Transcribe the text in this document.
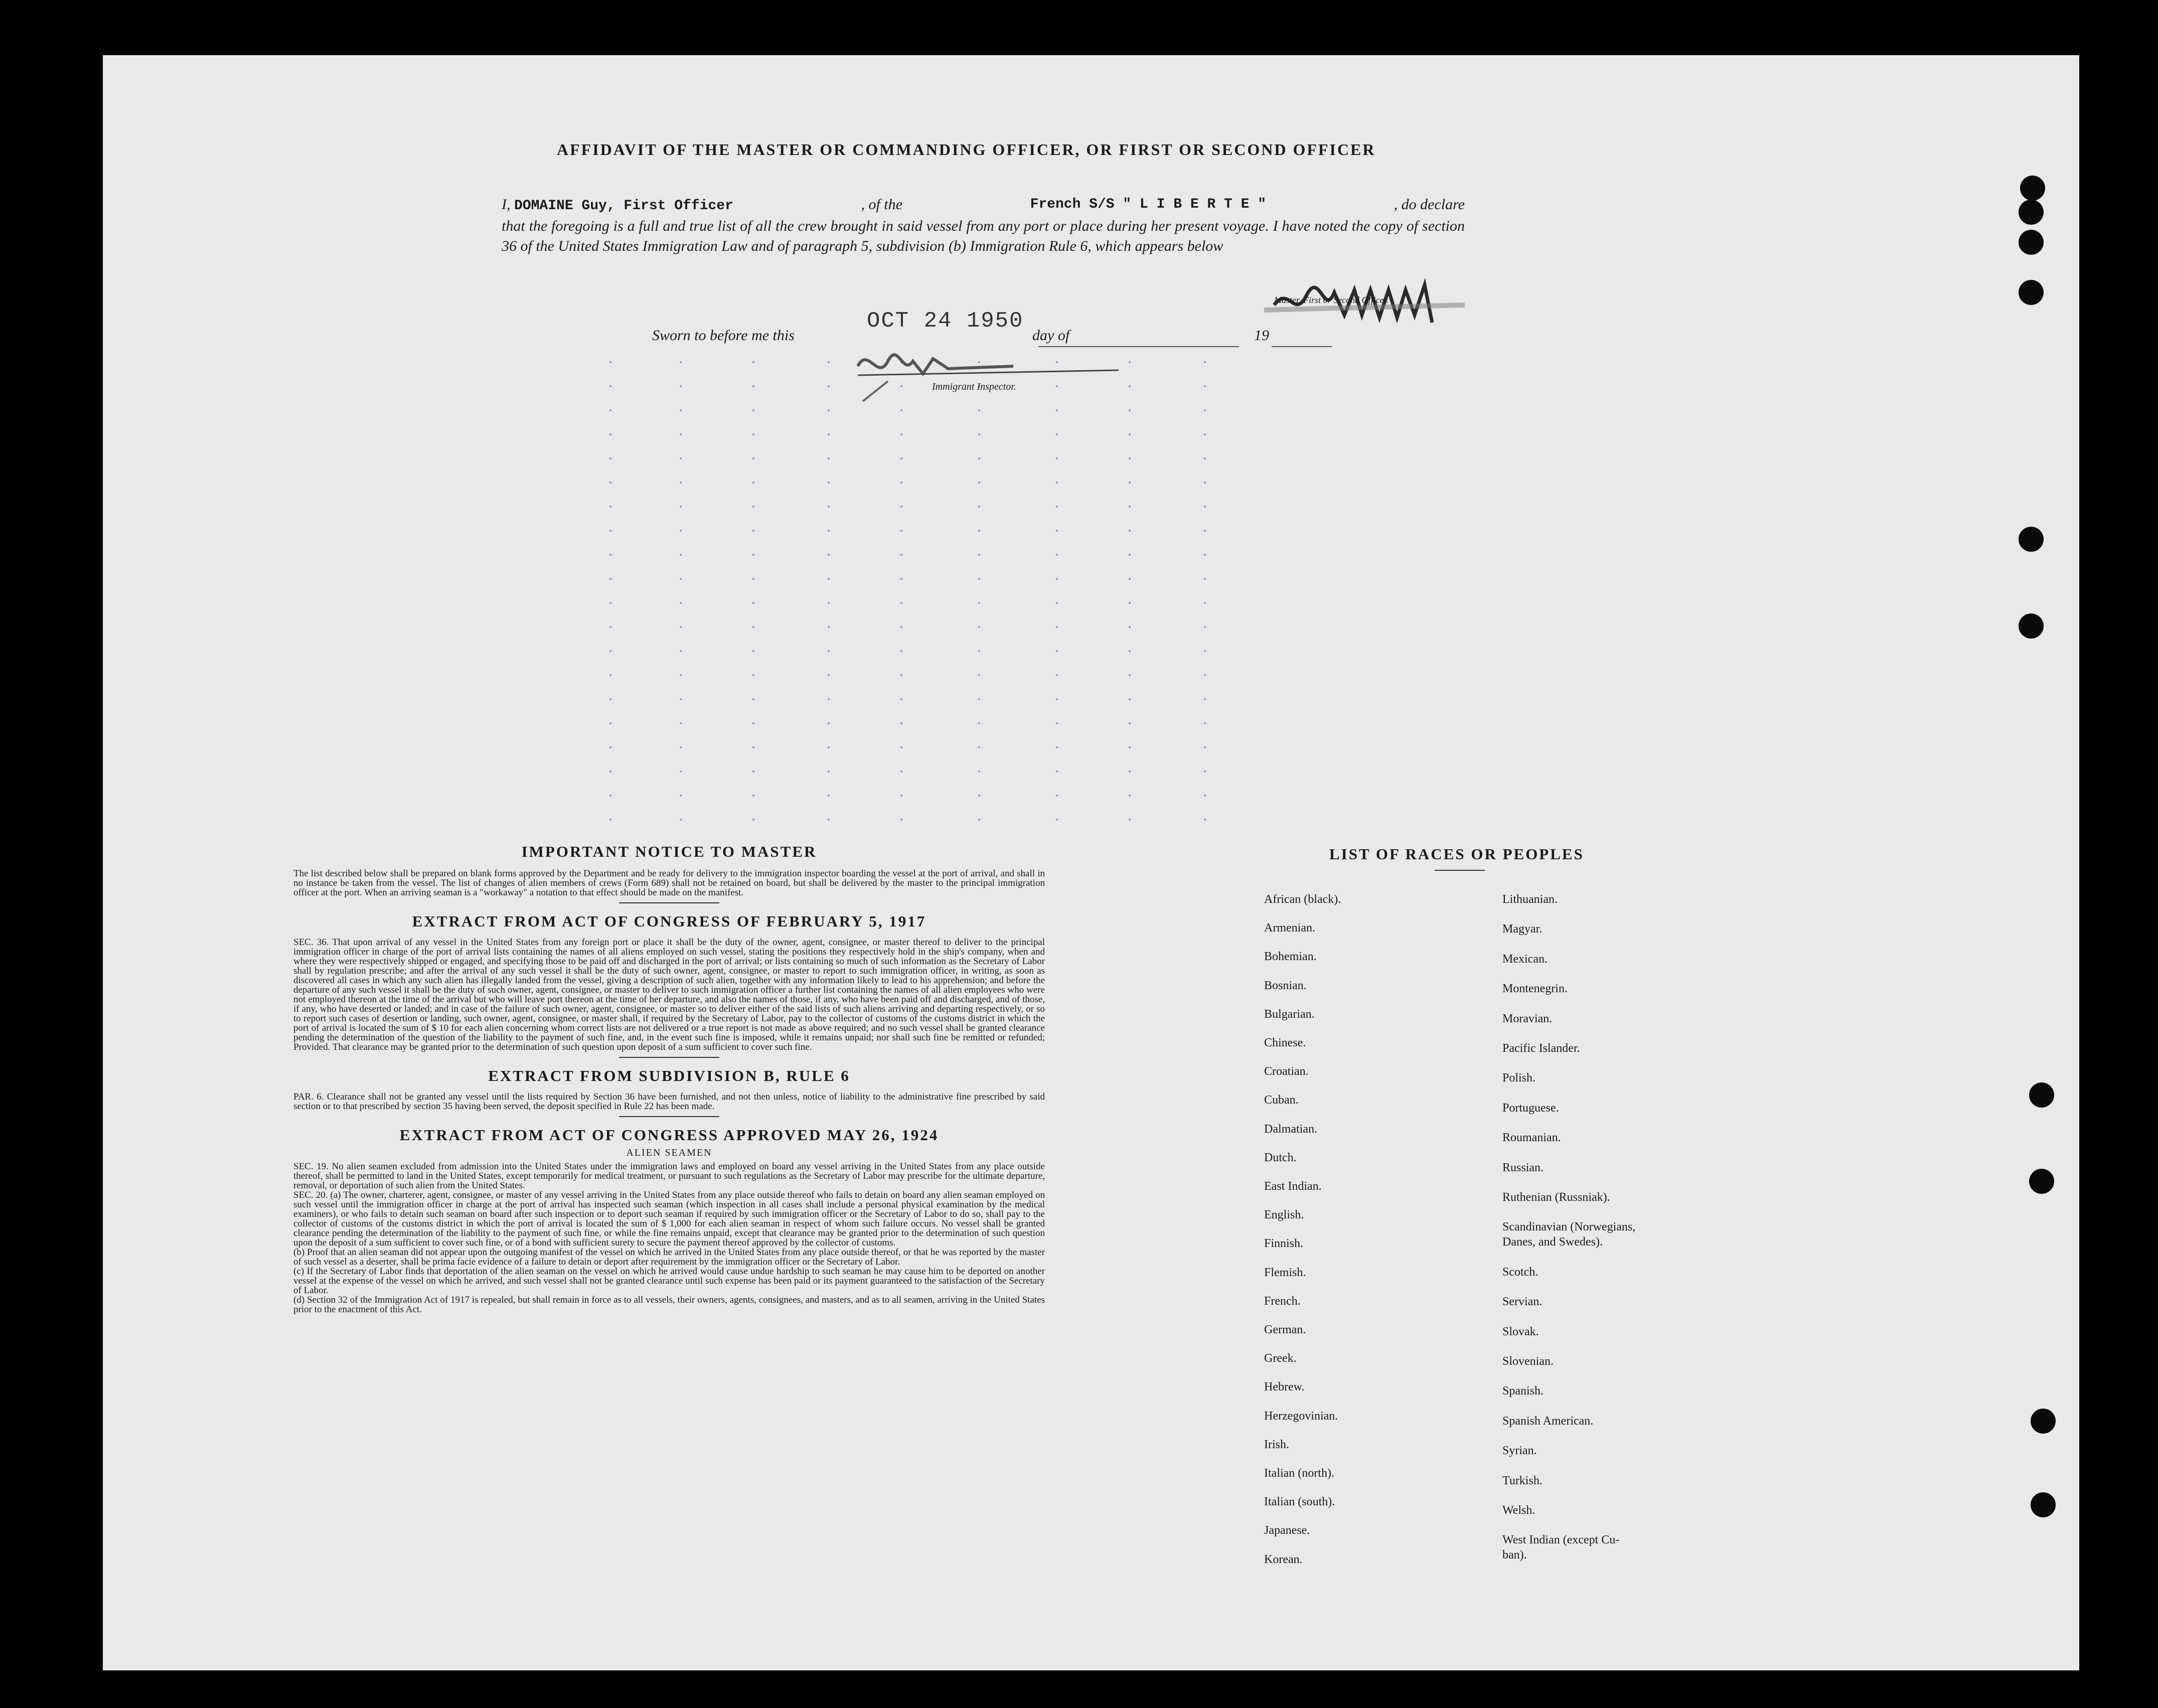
AFFIDAVIT OF THE MASTER OR COMMANDING OFFICER, OR FIRST OR SECOND OFFICER
I, DOMAINE Guy, First Officer	, of the	French S/S " L I B E R T E "	, do declare
that the foregoing is a full and true list of all the crew brought in said vessel from any port or place during her present voyage. I have noted the copy of section 36 of the United States Immigration Law and of paragraph 5, subdivision (b) Immigration Rule 6, which appears below
Master, First or Second Officer.
Sworn to before me this
OCT 24 1950
day of	19
Immigrant Inspector.
IMPORTANT NOTICE TO MASTER

The list described below shall be prepared on blank forms approved by the Department and be ready for delivery to the immigration inspector boarding the vessel at the port of arrival, and shall in no instance be taken from the vessel. The list of changes of alien members of crews (Form 689) shall not be retained on board, but shall be delivered by the master to the principal immigration officer at the port. When an arriving seaman is a "workaway" a notation to that effect should be made on the manifest.

EXTRACT FROM ACT OF CONGRESS OF FEBRUARY 5, 1917

SEC. 36. That upon arrival of any vessel in the United States from any foreign port or place it shall be the duty of the owner, agent, consignee, or master thereof to deliver to the principal immigration officer in charge of the port of arrival lists containing the names of all aliens employed on such vessel, stating the positions they respectively hold in the ship's company, when and where they were respectively shipped or engaged, and specifying those to be paid off and discharged in the port of arrival; or lists containing so much of such information as the Secretary of Labor shall by regulation prescribe; and after the arrival of any such vessel it shall be the duty of such owner, agent, consignee, or master to report to such immigration officer, in writing, as soon as discovered all cases in which any such alien has illegally landed from the vessel, giving a description of such alien, together with any information likely to lead to his apprehension; and before the departure of any such vessel it shall be the duty of such owner, agent, consignee, or master to deliver to such immigration officer a further list containing the names of all alien employees who were not employed thereon at the time of the arrival but who will leave port thereon at the time of her departure, and also the names of those, if any, who have been paid off and discharged, and of those, if any, who have deserted or landed; and in case of the failure of such owner, agent, consignee, or master so to deliver either of the said lists of such aliens arriving and departing respectively, or so to report such cases of desertion or landing, such owner, agent, consignee, or master shall, if required by the Secretary of Labor, pay to the collector of customs of the customs district in which the port of arrival is located the sum of $ 10 for each alien concerning whom correct lists are not delivered or a true report is not made as above required; and no such vessel shall be granted clearance pending the determination of the question of the liability to the payment of such fine, and, in the event such fine is imposed, while it remains unpaid; nor shall such fine be remitted or refunded; Provided. That clearance may be granted prior to the determination of such question upon deposit of a sum sufficient to cover such fine.

EXTRACT FROM SUBDIVISION B, RULE 6

PAR. 6. Clearance shall not be granted any vessel until the lists required by Section 36 have been furnished, and not then unless, notice of liability to the administrative fine prescribed by said section or to that prescribed by section 35 having been served, the deposit specified in Rule 22 has been made.

EXTRACT FROM ACT OF CONGRESS APPROVED MAY 26, 1924
ALIEN SEAMEN

SEC. 19. No alien seamen excluded from admission into the United States under the immigration laws and employed on board any vessel arriving in the United States from any place outside thereof, shall be permitted to land in the United States, except temporarily for medical treatment, or pursuant to such regulations as the Secretary of Labor may prescribe for the ultimate departure, removal, or deportation of such alien from the United States.

SEC. 20. (a) The owner, charterer, agent, consignee, or master of any vessel arriving in the United States from any place outside thereof who fails to detain on board any alien seaman employed on such vessel until the immigration officer in charge at the port of arrival has inspected such seaman (which inspection in all cases shall include a personal physical examination by the medical examiners), or who fails to detain such seaman on board after such inspection or to deport such seaman if required by such immigration officer or the Secretary of Labor to do so, shall pay to the collector of customs of the customs district in which the port of arrival is located the sum of $ 1,000 for each alien seaman in respect of whom such failure occurs. No vessel shall be granted clearance pending the determination of the liability to the payment of such fine, or while the fine remains unpaid, except that clearance may be granted prior to the determination of such question upon the deposit of a sum sufficient to cover such fine, or of a bond with sufficient surety to secure the payment thereof approved by the collector of customs.

(b) Proof that an alien seaman did not appear upon the outgoing manifest of the vessel on which he arrived in the United States from any place outside thereof, or that he was reported by the master of such vessel as a deserter, shall be prima facie evidence of a failure to detain or deport after requirement by the immigration officer or the Secretary of Labor.

(c) If the Secretary of Labor finds that deportation of the alien seaman on the vessel on which he arrived would cause undue hardship to such seaman he may cause him to be deported on another vessel at the expense of the vessel on which he arrived, and such vessel shall not be granted clearance until such expense has been paid or its payment guaranteed to the satisfaction of the Secretary of Labor.

(d) Section 32 of the Immigration Act of 1917 is repealed, but shall remain in force as to all vessels, their owners, agents, consignees, and masters, and as to all seamen, arriving in the United States prior to the enactment of this Act.

LIST OF RACES OR PEOPLES
African (black).
Armenian.
Bohemian.
Bosnian.
Bulgarian.
Chinese.
Croatian.
Cuban.
Dalmatian.
Dutch.
East Indian.
English.
Finnish.
Flemish.
French.
German.
Greek.
Hebrew.
Herzegovinian.
Irish.
Italian (north).
Italian (south).
Japanese.
Korean.
Lithuanian.
Magyar.
Mexican.
Montenegrin.
Moravian.
Pacific Islander.
Polish.
Portuguese.
Roumanian.
Russian.
Ruthenian (Russniak).
Scandinavian (Norwegians,
Danes, and Swedes).
Scotch.
Servian.
Slovak.
Slovenian.
Spanish.
Spanish American.
Syrian.
Turkish.
Welsh.
West Indian (except Cu-
ban).
